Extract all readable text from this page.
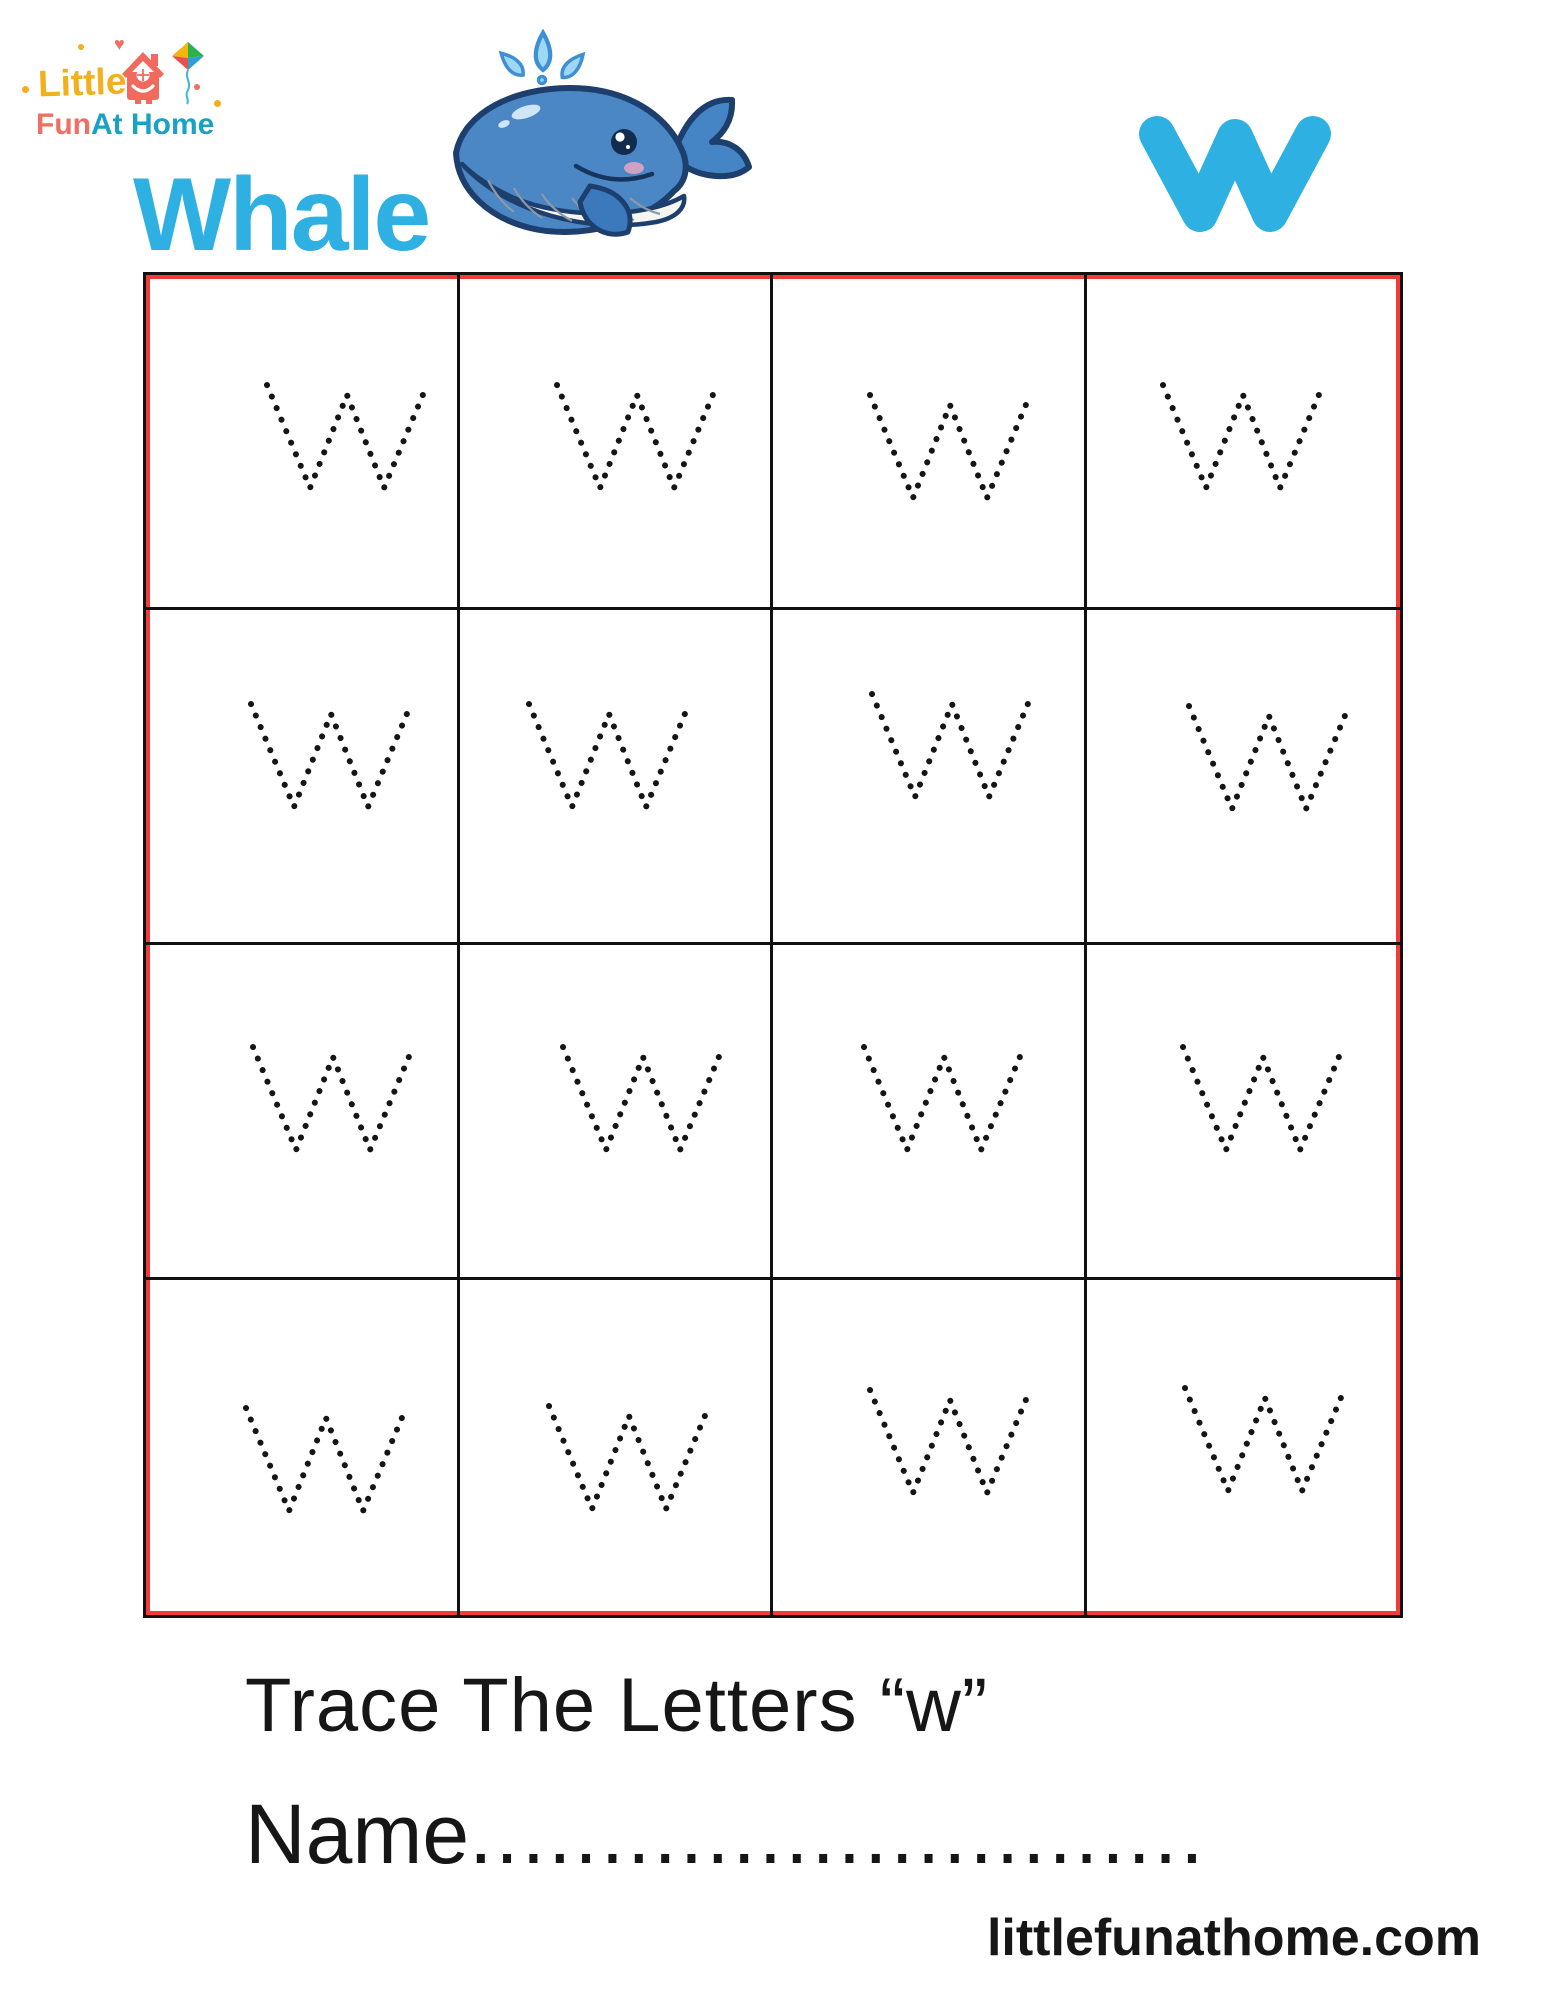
Little
FunAt Home
♥
Whale
Trace The Letters “w”
Name............................
littlefunathome.com
